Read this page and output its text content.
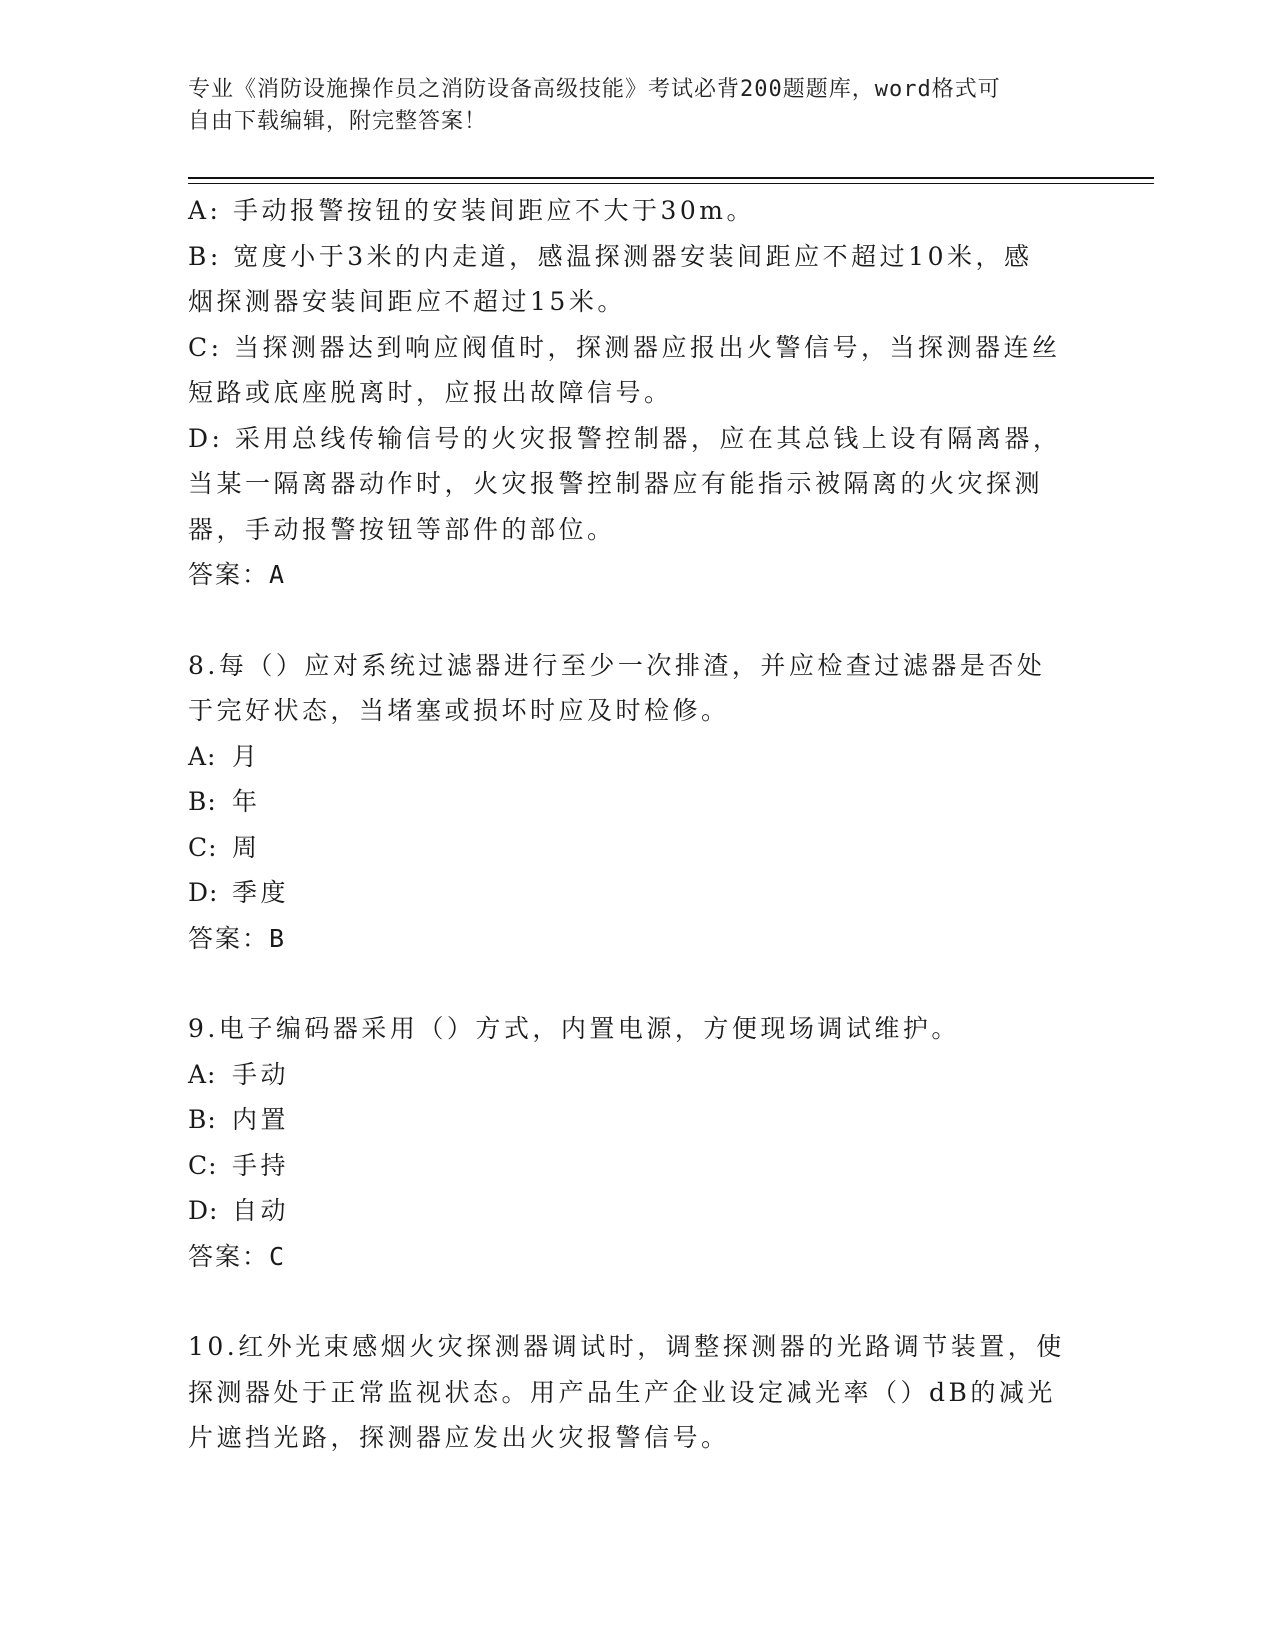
专业《消防设施操作员之消防设备高级技能》考试必背200题题库，word格式可
自由下载编辑，附完整答案！

A: 手动报警按钮的安装间距应不大于30m。

B: 宽度小于3米的内走道，感温探测器安装间距应不超过10米，感

烟探测器安装间距应不超过15米。

C: 当探测器达到响应阀值时，探测器应报出火警信号，当探测器连丝

短路或底座脱离时，应报出故障信号。

D: 采用总线传输信号的火灾报警控制器，应在其总钱上设有隔离器，

当某一隔离器动作时，火灾报警控制器应有能指示被隔离的火灾探测

器，手动报警按钮等部件的部位。

答案：A

8.每（）应对系统过滤器进行至少一次排渣，并应检查过滤器是否处

于完好状态，当堵塞或损坏时应及时检修。

A: 月

B: 年

C: 周

D: 季度

答案：B

9.电子编码器采用（）方式，内置电源，方便现场调试维护。

A: 手动

B: 内置

C: 手持

D: 自动

答案：C

10.红外光束感烟火灾探测器调试时，调整探测器的光路调节装置，使

探测器处于正常监视状态。用产品生产企业设定减光率（）dB的减光

片遮挡光路，探测器应发出火灾报警信号。
